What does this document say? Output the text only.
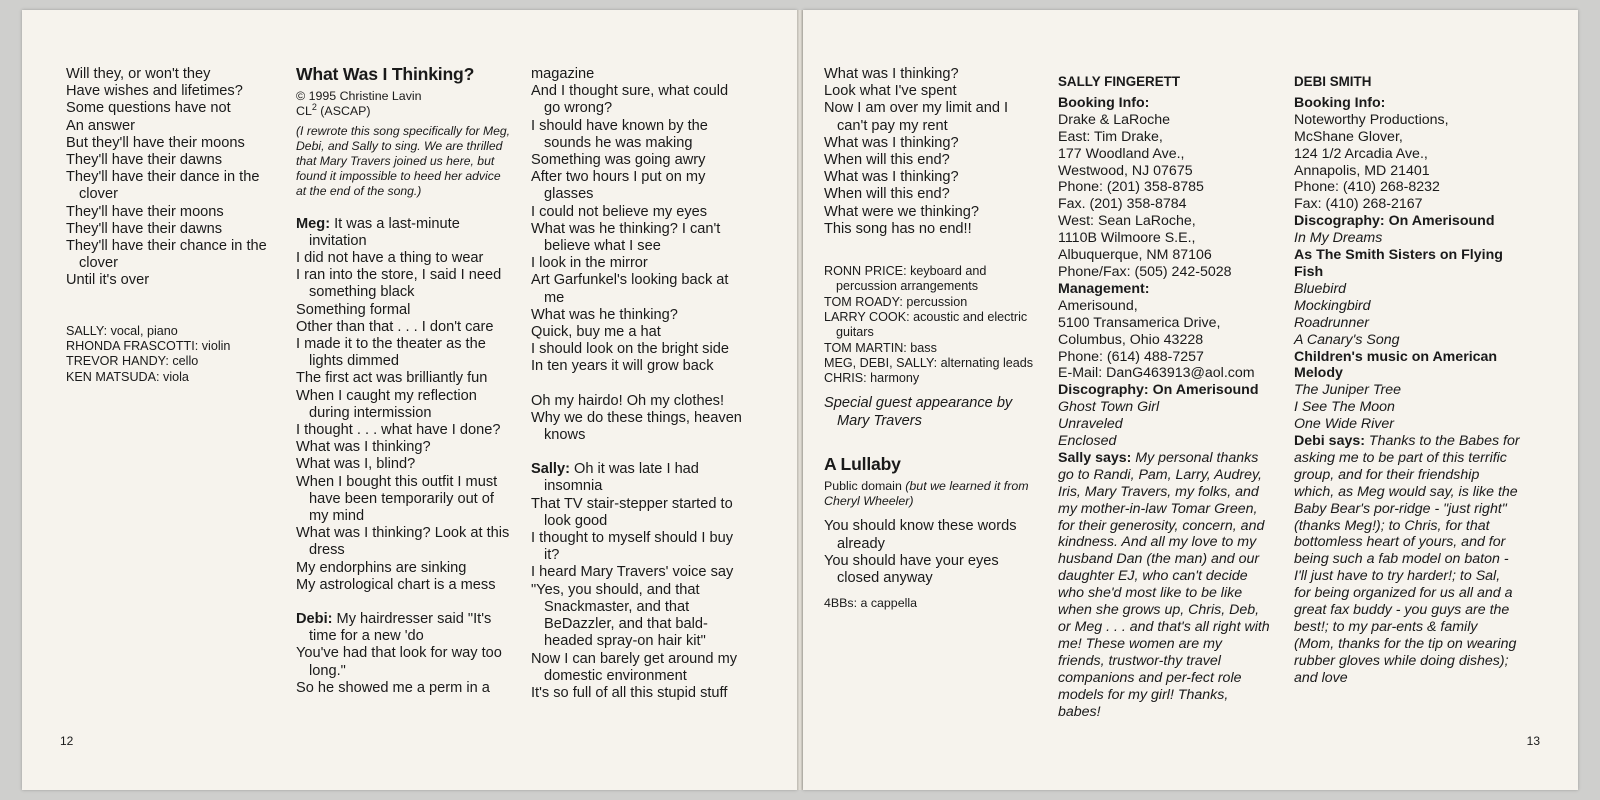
Will they, or won't they
Have wishes and lifetimes?
Some questions have not
An answer
But they'll have their moons
They'll have their dawns
They'll have their dance in the clover
They'll have their moons
They'll have their dawns
They'll have their chance in the clover
Until it's over
SALLY: vocal, piano
RHONDA FRASCOTTI: violin
TREVOR HANDY: cello
KEN MATSUDA: viola
What Was I Thinking?
© 1995 Christine Lavin
$CL^2$ (ASCAP)
(I rewrote this song specifically for Meg, Debi, and Sally to sing. We are thrilled that Mary Travers joined us here, but found it impossible to heed her advice at the end of the song.)
Meg: It was a last-minute invitation
I did not have a thing to wear
I ran into the store, I said I need something black
Something formal
Other than that . . . I don't care
I made it to the theater as the lights dimmed
The first act was brilliantly fun
When I caught my reflection during intermission
I thought . . . what have I done?
What was I thinking?
What was I, blind?
When I bought this outfit I must have been temporarily out of my mind
What was I thinking? Look at this dress
My endorphins are sinking
My astrological chart is a mess
Debi: My hairdresser said "It's time for a new 'do
You've had that look for way too long."
So he showed me a perm in a
magazine
And I thought sure, what could go wrong?
I should have known by the sounds he was making
Something was going awry
After two hours I put on my glasses
I could not believe my eyes
What was he thinking? I can't believe what I see
I look in the mirror
Art Garfunkel's looking back at me
What was he thinking?
Quick, buy me a hat
I should look on the bright side
In ten years it will grow back
Oh my hairdo! Oh my clothes!
Why we do these things, heaven knows
Sally: Oh it was late I had insomnia
That TV stair-stepper started to look good
I thought to myself should I buy it?
I heard Mary Travers' voice say
"Yes, you should, and that Snackmaster, and that BeDazzler, and that bald-headed spray-on hair kit"
Now I can barely get around my domestic environment
It's so full of all this stupid stuff
12
What was I thinking?
Look what I've spent
Now I am over my limit and I can't pay my rent
What was I thinking?
When will this end?
What was I thinking?
When will this end?
What were we thinking?
This song has no end!!
RONN PRICE: keyboard and percussion arrangements
TOM ROADY: percussion
LARRY COOK: acoustic and electric guitars
TOM MARTIN: bass
MEG, DEBI, SALLY: alternating leads
CHRIS: harmony
Special guest appearance by Mary Travers
A Lullaby
Public domain (but we learned it from Cheryl Wheeler)
You should know these words already
You should have your eyes closed anyway
4BBs: a cappella
SALLY FINGERETT
Booking Info:
Drake & LaRoche
East: Tim Drake,
177 Woodland Ave.,
Westwood, NJ 07675
Phone: (201) 358-8785
Fax. (201) 358-8784
West: Sean LaRoche,
1110B Wilmoore S.E.,
Albuquerque, NM 87106
Phone/Fax: (505) 242-5028
Management:
Amerisound,
5100 Transamerica Drive,
Columbus, Ohio 43228
Phone: (614) 488-7257
E-Mail: DanG463913@aol.com
Discography: On Amerisound
Ghost Town Girl
Unraveled
Enclosed
Sally says: My personal thanks go to Randi, Pam, Larry, Audrey, Iris, Mary Travers, my folks, and my mother-in-law Tomar Green, for their generosity, concern, and kindness. And all my love to my husband Dan (the man) and our daughter EJ, who can't decide who she'd most like to be like when she grows up, Chris, Deb, or Meg . . . and that's all right with me! These women are my friends, trustwor-thy travel companions and per-fect role models for my girl! Thanks, babes!
DEBI SMITH
Booking Info:
Noteworthy Productions,
McShane Glover,
124 1/2 Arcadia Ave.,
Annapolis, MD 21401
Phone: (410) 268-8232
Fax: (410) 268-2167
Discography: On Amerisound
In My Dreams
As The Smith Sisters on Flying Fish
Bluebird
Mockingbird
Roadrunner
A Canary's Song
Children's music on American Melody
The Juniper Tree
I See The Moon
One Wide River
Debi says: Thanks to the Babes for asking me to be part of this terrific group, and for their friendship which, as Meg would say, is like the Baby Bear's por-ridge - "just right" (thanks Meg!); to Chris, for that bottomless heart of yours, and for being such a fab model on baton - I'll just have to try harder!; to Sal, for being organized for us all and a great fax buddy - you guys are the best!; to my par-ents & family (Mom, thanks for the tip on wearing rubber gloves while doing dishes); and love
13
